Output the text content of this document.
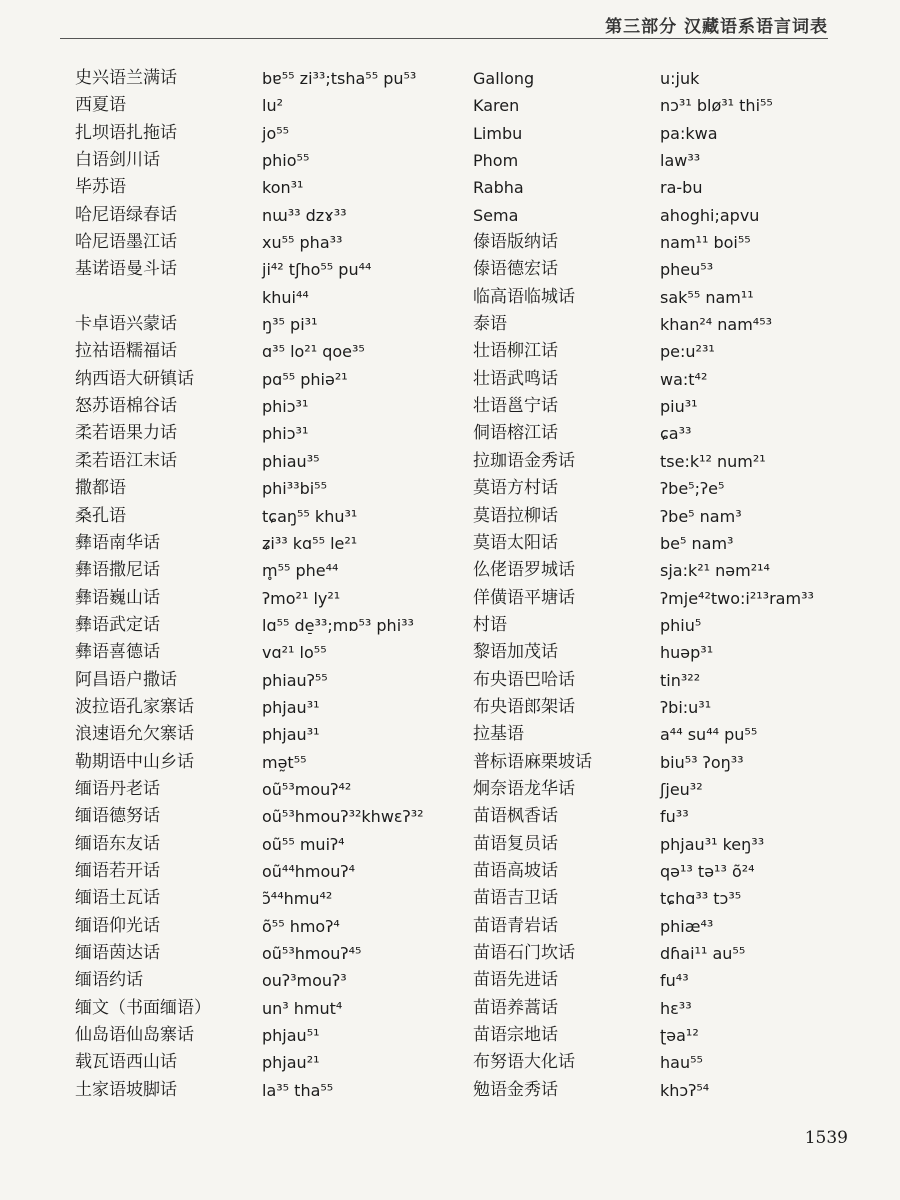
第三部分 汉藏语系语言词表
史兴语兰满话
西夏语
扎坝语扎拖话
白语剑川话
毕苏语
哈尼语绿春话
哈尼语墨江话
基诺语曼斗话
卡卓语兴蒙话
拉祜语糯福话
纳西语大研镇话
怒苏语棉谷话
柔若语果力话
柔若语江末话
撒都语
桑孔语
彝语南华话
彝语撒尼话
彝语巍山话
彝语武定话
彝语喜德话
阿昌语户撒话
波拉语孔家寨话
浪速语允欠寨话
勒期语中山乡话
缅语丹老话
缅语德努话
缅语东友话
缅语若开话
缅语土瓦话
缅语仰光话
缅语茵达话
缅语约话
缅文（书面缅语）
仙岛语仙岛寨话
载瓦语西山话
土家语坡脚话
bɐ⁵⁵ zi³³;tsha⁵⁵ pu⁵³
lu²
jo⁵⁵
phio⁵⁵
kon³¹
nɯ³³ dzɤ³³
xu⁵⁵ pha³³
ji⁴² tʃho⁵⁵ pu⁴⁴
khui⁴⁴
ŋ³⁵ pi³¹
ɑ³⁵ lo²¹ qoe³⁵
pɑ⁵⁵ phiə²¹
phiɔ³¹
phiɔ³¹
phiau³⁵
phi³³bi⁵⁵
tɕaŋ⁵⁵ khu³¹
ʑi³³ kɑ⁵⁵ le²¹
m̥⁵⁵ phe⁴⁴
ʔmo²¹ ly²¹
lɑ⁵⁵ de̠³³;mɒ⁵³ phi³³
vɑ²¹ lo⁵⁵
phiauʔ⁵⁵
phjau³¹
phjau³¹
mə̰t⁵⁵
oũ⁵³mouʔ⁴²
oũ⁵³hmouʔ³²khwɛʔ³²
oũ⁵⁵ muiʔ⁴
oũ⁴⁴hmouʔ⁴
ɔ̃⁴⁴hmu⁴²
õ⁵⁵ hmoʔ⁴
oũ⁵³hmouʔ⁴⁵
ouʔ³mouʔ³
un³ hmut⁴
phjau⁵¹
phjau²¹
la³⁵ tha⁵⁵
Gallong
Karen
Limbu
Phom
Rabha
Sema
傣语版纳话
傣语德宏话
临高语临城话
泰语
壮语柳江话
壮语武鸣话
壮语邕宁话
侗语榕江话
拉珈语金秀话
莫语方村话
莫语拉柳话
莫语太阳话
仫佬语罗城话
佯僙语平塘话
村语
黎语加茂话
布央语巴哈话
布央语郎架话
拉基语
普标语麻栗坡话
炯奈语龙华话
苗语枫香话
苗语复员话
苗语高坡话
苗语吉卫话
苗语青岩话
苗语石门坎话
苗语先进话
苗语养蒿话
苗语宗地话
布努语大化话
勉语金秀话
u:juk
nɔ³¹ blø³¹ thi⁵⁵
pa:kwa
law³³
ra-bu
ahoghi;apvu
nam¹¹ boi⁵⁵
pheu⁵³
sak⁵⁵ nam¹¹
khan²⁴ nam⁴⁵³
pe:u²³¹
wa:t⁴²
piu³¹
ɕa³³
tse:k¹² num²¹
ʔbe⁵;ʔe⁵
ʔbe⁵ nam³
be⁵ nam³
sja:k²¹ nəm²¹⁴
ʔmje⁴²two:i²¹³ram³³
phiu⁵
huəp³¹
tin³²²
ʔbi:u³¹
a⁴⁴ su⁴⁴ pu⁵⁵
biu⁵³ ʔoŋ³³
ʃjeu³²
fu³³
phjau³¹ keŋ³³
qə¹³ tə¹³ õ²⁴
tɕhɑ³³ tɔ³⁵
phiæ⁴³
dɦai¹¹ au⁵⁵
fu⁴³
hɛ³³
ʈəa¹²
hau⁵⁵
khɔʔ⁵⁴
1539
